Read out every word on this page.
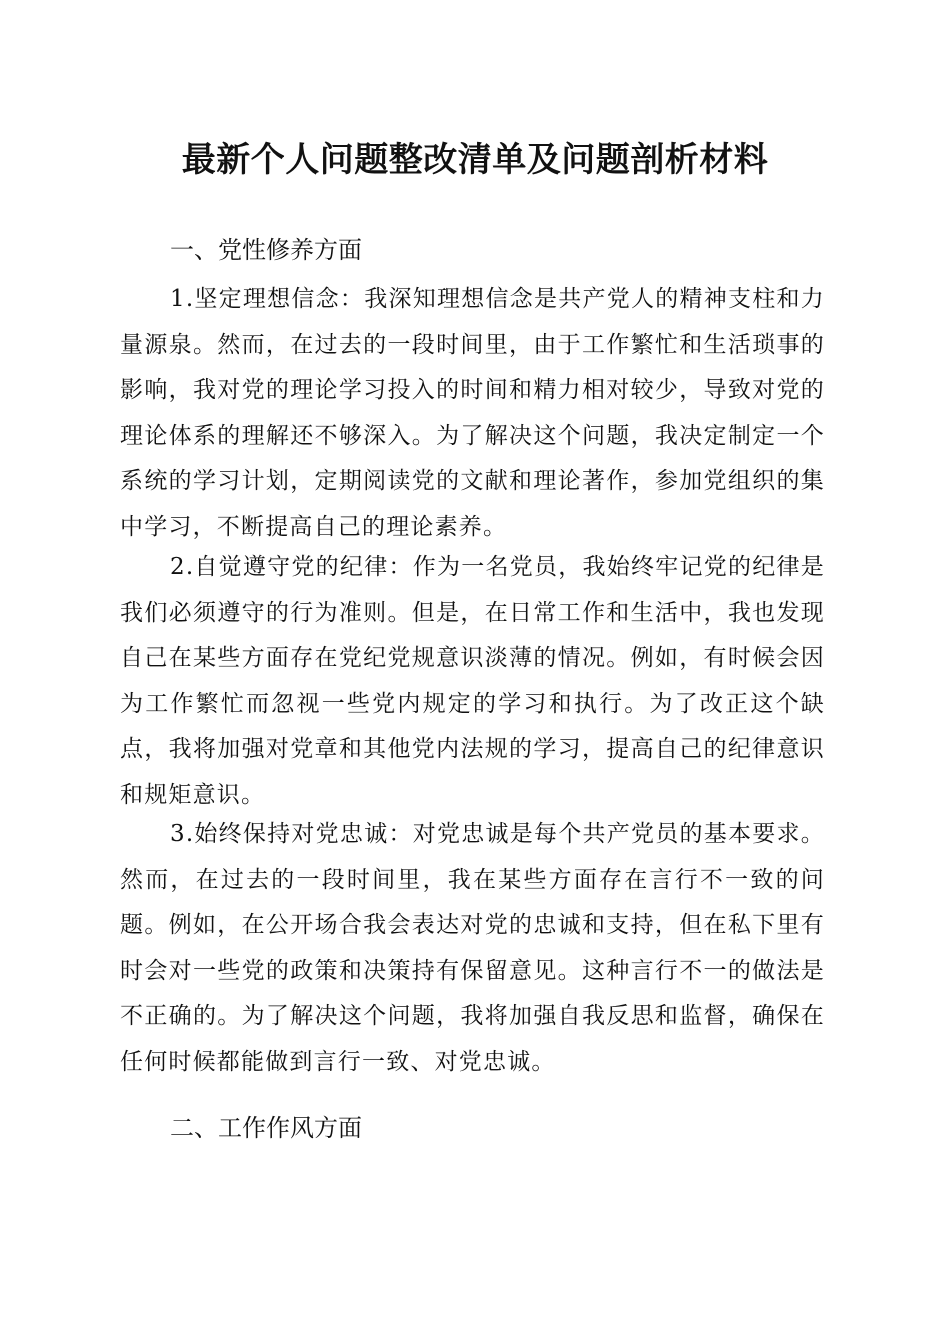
最新个人问题整改清单及问题剖析材料
一、党性修养方面

1.坚定理想信念：我深知理想信念是共产党人的精神支柱和力量源泉。然而，在过去的一段时间里，由于工作繁忙和生活琐事的影响，我对党的理论学习投入的时间和精力相对较少，导致对党的理论体系的理解还不够深入。为了解决这个问题，我决定制定一个系统的学习计划，定期阅读党的文献和理论著作，参加党组织的集中学习，不断提高自己的理论素养。

2.自觉遵守党的纪律：作为一名党员，我始终牢记党的纪律是我们必须遵守的行为准则。但是，在日常工作和生活中，我也发现自己在某些方面存在党纪党规意识淡薄的情况。例如，有时候会因为工作繁忙而忽视一些党内规定的学习和执行。为了改正这个缺点，我将加强对党章和其他党内法规的学习，提高自己的纪律意识和规矩意识。

3.始终保持对党忠诚：对党忠诚是每个共产党员的基本要求。然而，在过去的一段时间里，我在某些方面存在言行不一致的问题。例如，在公开场合我会表达对党的忠诚和支持，但在私下里有时会对一些党的政策和决策持有保留意见。这种言行不一的做法是不正确的。为了解决这个问题，我将加强自我反思和监督，确保在任何时候都能做到言行一致、对党忠诚。

二、工作作风方面
